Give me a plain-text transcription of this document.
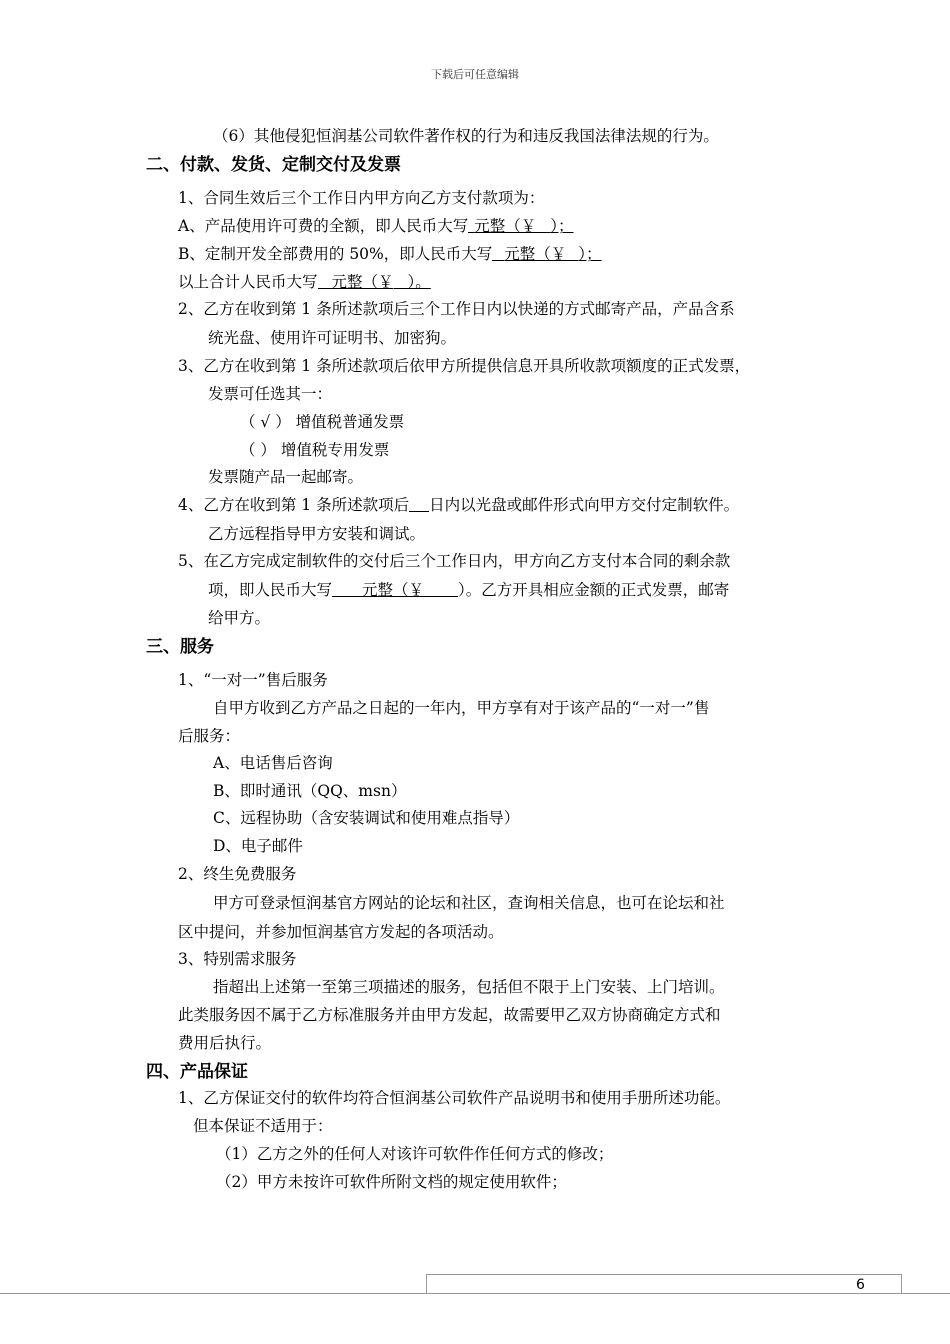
下载后可任意编辑
（6）其他侵犯恒润基公司软件著作权的行为和违反我国法律法规的行为。
二、付款、发货、定制交付及发票
1、合同生效后三个工作日内甲方向乙方支付款项为：
A、产品使用许可费的全额，即人民币大写 元整（￥ ）；
B、定制开发全部费用的 50%，即人民币大写 元整（￥ ）；
以上合计人民币大写 元整（￥ ）。
2、乙方在收到第 1 条所述款项后三个工作日内以快递的方式邮寄产品，产品含系
统光盘、使用许可证明书、加密狗。
3、乙方在收到第 1 条所述款项后依甲方所提供信息开具所收款项额度的正式发票，
发票可任选其一：
（ √ ） 增值税普通发票
（ ） 增值税专用发票
发票随产品一起邮寄。
4、乙方在收到第 1 条所述款项后 日内以光盘或邮件形式向甲方交付定制软件。
乙方远程指导甲方安装和调试。
5、在乙方完成定制软件的交付后三个工作日内，甲方向乙方支付本合同的剩余款
项，即人民币大写 元整（￥ ）。乙方开具相应金额的正式发票，邮寄
给甲方。
三、服务
1、“一对一”售后服务
自甲方收到乙方产品之日起的一年内，甲方享有对于该产品的“一对一”售
后服务：
A、电话售后咨询
B、即时通讯（QQ、msn）
C、远程协助（含安装调试和使用难点指导）
D、电子邮件
2、终生免费服务
甲方可登录恒润基官方网站的论坛和社区，查询相关信息，也可在论坛和社
区中提问，并参加恒润基官方发起的各项活动。
3、特别需求服务
指超出上述第一至第三项描述的服务，包括但不限于上门安装、上门培训。
此类服务因不属于乙方标准服务并由甲方发起，故需要甲乙双方协商确定方式和
费用后执行。
四、产品保证
1、乙方保证交付的软件均符合恒润基公司软件产品说明书和使用手册所述功能。
但本保证不适用于：
（1）乙方之外的任何人对该许可软件作任何方式的修改；
（2）甲方未按许可软件所附文档的规定使用软件；
6
